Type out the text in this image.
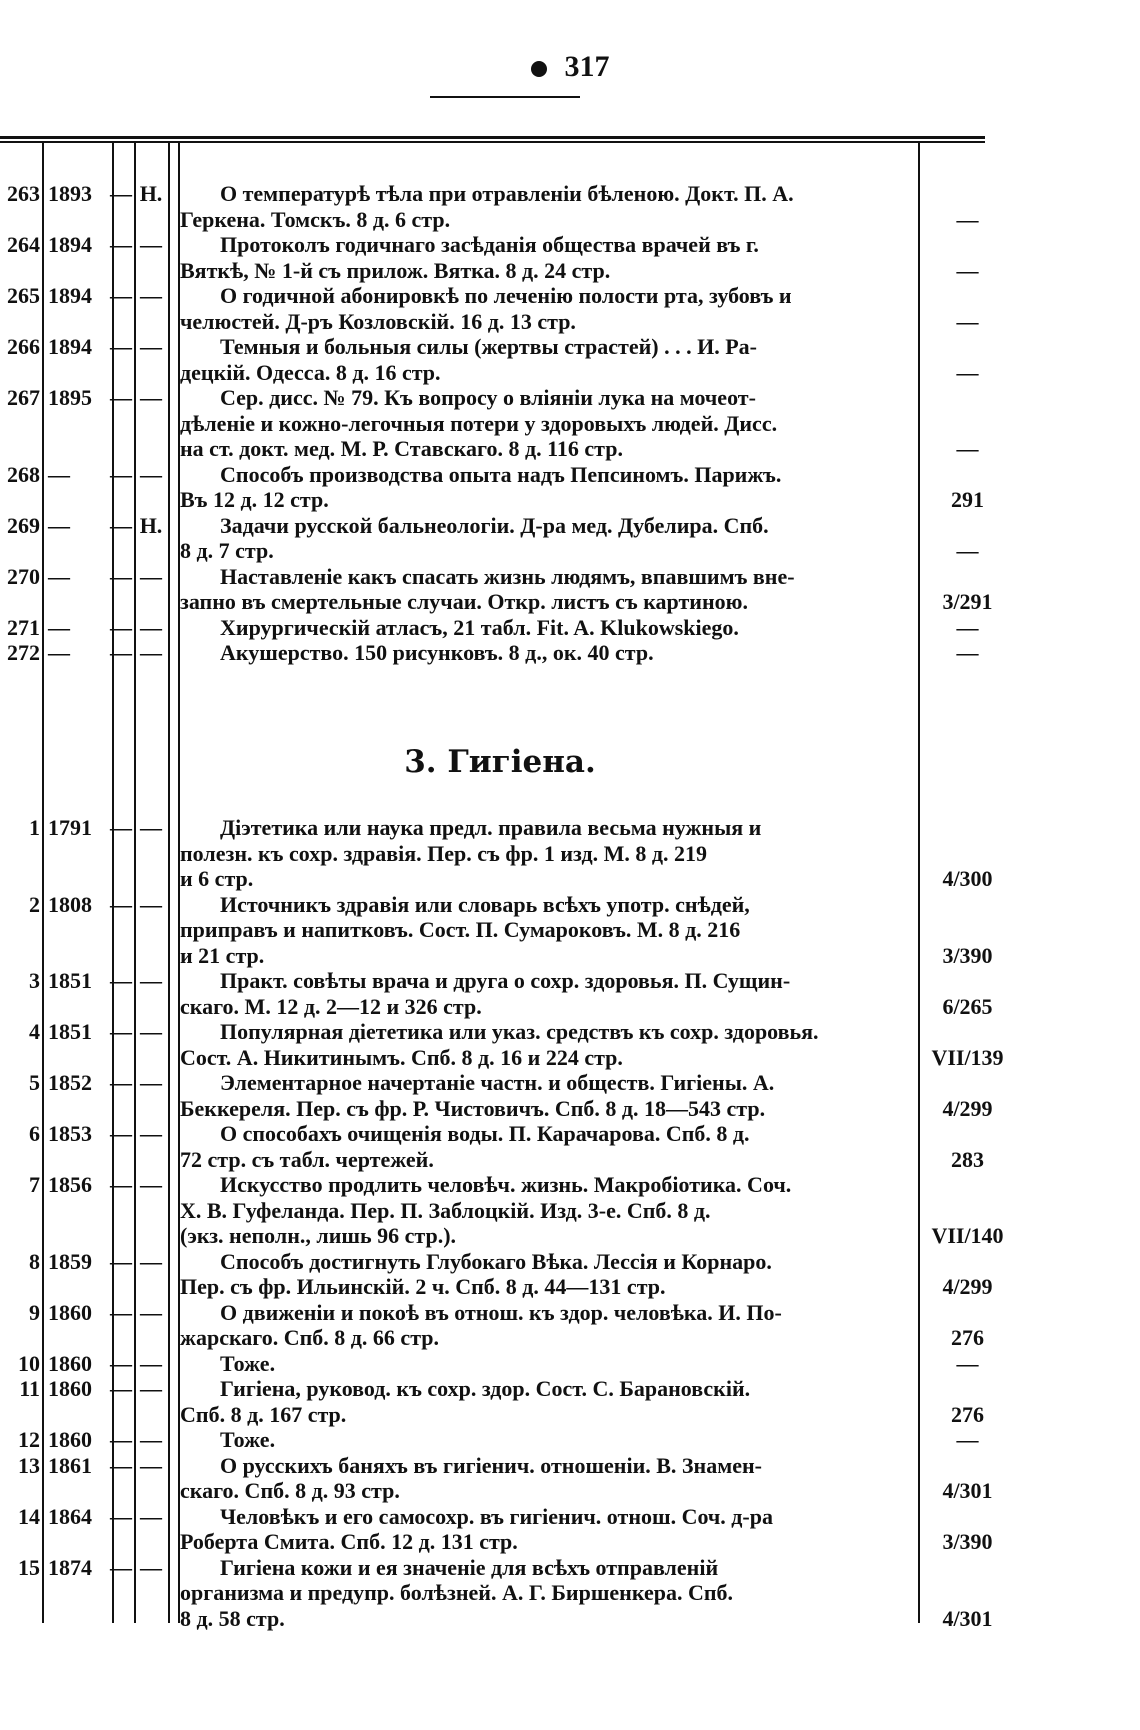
317
263 1893 — Н.	О температурѣ тѣла при отравленіи бѣленою. Докт. П. А.
Геркена. Томскъ. 8 д. 6 стр.	—
264 1894 — —	Протоколъ годичнаго засѣданія общества врачей въ г.
Вяткѣ, № 1-й съ прилож. Вятка. 8 д. 24 стр.	—
265 1894 — —	О годичной абонировкѣ по леченію полости рта, зубовъ и
челюстей. Д-ръ Козловскій. 16 д. 13 стр.	—
266 1894 — —	Темныя и больныя силы (жертвы страстей) . . . И. Ра-
децкій. Одесса. 8 д. 16 стр.	—
267 1895 — —	Сер. дисс. № 79. Къ вопросу о вліяніи лука на мочеот-
дѣленіе и кожно-легочныя потери у здоровыхъ людей. Дисс.
на ст. докт. мед. М. Р. Ставскаго. 8 д. 116 стр.	—
268 —	— —	Способъ производства опыта надъ Пепсиномъ. Парижъ.
Въ 12 д. 12 стр.	291
269 —	— Н.	Задачи русской бальнеологіи. Д-ра мед. Дубелира. Спб.
8 д. 7 стр.	—
270 —	— —	Наставленіе какъ спасать жизнь людямъ, впавшимъ вне-
запно въ смертельные случаи. Откр. листъ съ картиною.	3/291
271 —	— —	Хирургическій атласъ, 21 табл. Fit. A. Klukowskiego.	—
272 —	— —	Акушерство. 150 рисунковъ. 8 д., ок. 40 стр.	—
3. Гигіена.
1 1791 — —	Діэтетика или наука предл. правила весьма нужныя и
полезн. къ сохр. здравія. Пер. съ фр. 1 изд. М. 8 д. 219
и 6 стр.	4/300
2 1808 — —	Источникъ здравія или словарь всѣхъ употр. снѣдей,
приправъ и напитковъ. Сост. П. Сумароковъ. М. 8 д. 216
и 21 стр.	3/390
3 1851 — —	Практ. совѣты врача и друга о сохр. здоровья. П. Сущин-
скаго. М. 12 д. 2—12 и 326 стр.	6/265
4 1851 — —	Популярная діететика или указ. средствъ къ сохр. здоровья.
Сост. А. Никитинымъ. Спб. 8 д. 16 и 224 стр.	VII/139
5 1852 — —	Элементарное начертаніе частн. и обществ. Гигіены. А.
Беккереля. Пер. съ фр. Р. Чистовичъ. Спб. 8 д. 18—543 стр.	4/299
6 1853 — —	О способахъ очищенія воды. П. Карачарова. Спб. 8 д.
72 стр. съ табл. чертежей.	283
7 1856 — —	Искусство продлить человѣч. жизнь. Макробіотика. Соч.
Х. В. Гуфеланда. Пер. П. Заблоцкій. Изд. 3-е. Спб. 8 д.
(экз. неполн., лишь 96 стр.).	VII/140
8 1859 — —	Способъ достигнуть Глубокаго Вѣка. Лессія и Корнаро.
Пер. съ фр. Ильинскій. 2 ч. Спб. 8 д. 44—131 стр.	4/299
9 1860 — —	О движеніи и покоѣ въ отнош. къ здор. человѣка. И. По-
жарскаго. Спб. 8 д. 66 стр.	276
10 1860 — —	Тоже.	—
11 1860 — —	Гигіена, руковод. къ сохр. здор. Сост. С. Барановскій.
Спб. 8 д. 167 стр.	276
12 1860 — —	Тоже.	—
13 1861 — —	О русскихъ баняхъ въ гигіенич. отношеніи. В. Знамен-
скаго. Спб. 8 д. 93 стр.	4/301
14 1864 — —	Человѣкъ и его самосохр. въ гигіенич. отнош. Соч. д-ра
Роберта Смита. Спб. 12 д. 131 стр.	3/390
15 1874 — —	Гигіена кожи и ея значеніе для всѣхъ отправленій
организма и предупр. болѣзней. А. Г. Биршенкера. Спб.
8 д. 58 стр.	4/301
